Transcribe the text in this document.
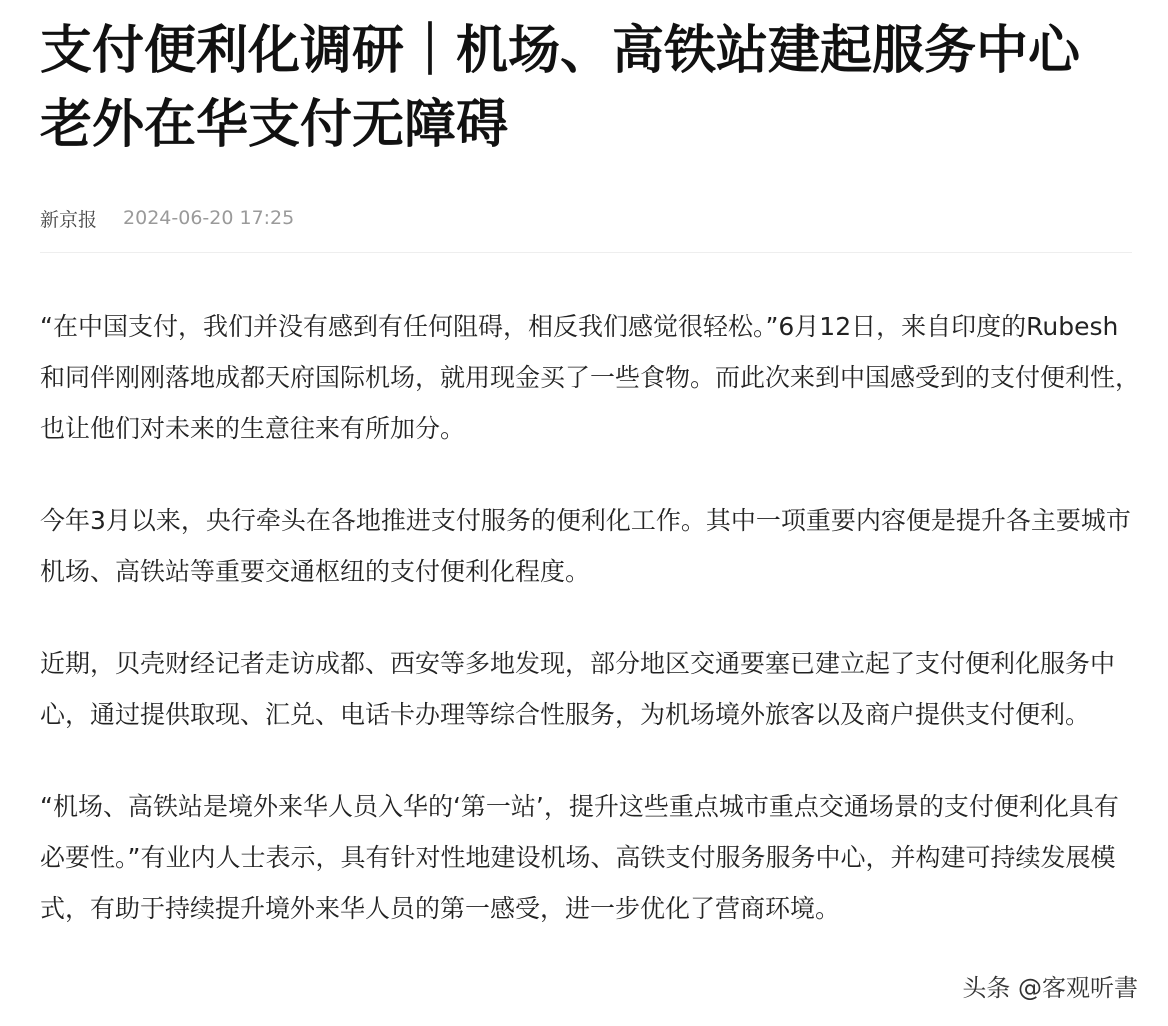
支付便利化调研｜机场、高铁站建起服务中心 老外在华支付无障碍
新京报 2024-06-20 17:25

“在中国支付，我们并没有感到有任何阻碍，相反我们感觉很轻松。”6月12日，来自印度的Rubesh和同伴刚刚落地成都天府国际机场，就用现金买了一些食物。而此次来到中国感受到的支付便利性，也让他们对未来的生意往来有所加分。

今年3月以来，央行牵头在各地推进支付服务的便利化工作。其中一项重要内容便是提升各主要城市机场、高铁站等重要交通枢纽的支付便利化程度。

近期，贝壳财经记者走访成都、西安等多地发现，部分地区交通要塞已建立起了支付便利化服务中心，通过提供取现、汇兑、电话卡办理等综合性服务，为机场境外旅客以及商户提供支付便利。

“机场、高铁站是境外来华人员入华的‘第一站’，提升这些重点城市重点交通场景的支付便利化具有必要性。”有业内人士表示，具有针对性地建设机场、高铁支付服务服务中心，并构建可持续发展模式，有助于持续提升境外来华人员的第一感受，进一步优化了营商环境。

头条 @客观听書
